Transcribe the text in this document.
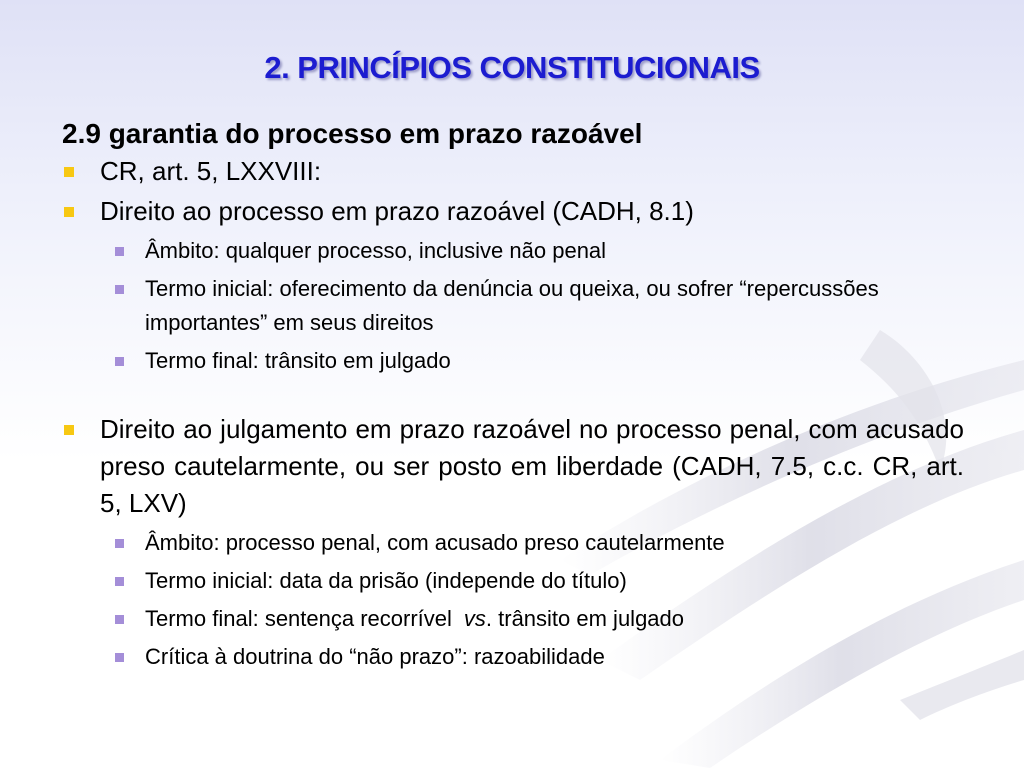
2. PRINCÍPIOS CONSTITUCIONAIS
2.9 garantia do processo em prazo razoável
CR, art. 5, LXXVIII:
Direito ao processo em prazo razoável (CADH, 8.1)
Âmbito: qualquer processo, inclusive não penal
Termo inicial: oferecimento da denúncia ou queixa, ou sofrer “repercussões importantes” em seus direitos
Termo final: trânsito em julgado
Direito ao julgamento em prazo razoável no processo penal, com acusado preso cautelarmente, ou ser posto em liberdade (CADH, 7.5, c.c. CR, art. 5, LXV)
Âmbito: processo penal, com acusado preso cautelarmente
Termo inicial: data da prisão (independe do título)
Termo final: sentença recorrível vs. trânsito em julgado
Crítica à doutrina do “não prazo”: razoabilidade
